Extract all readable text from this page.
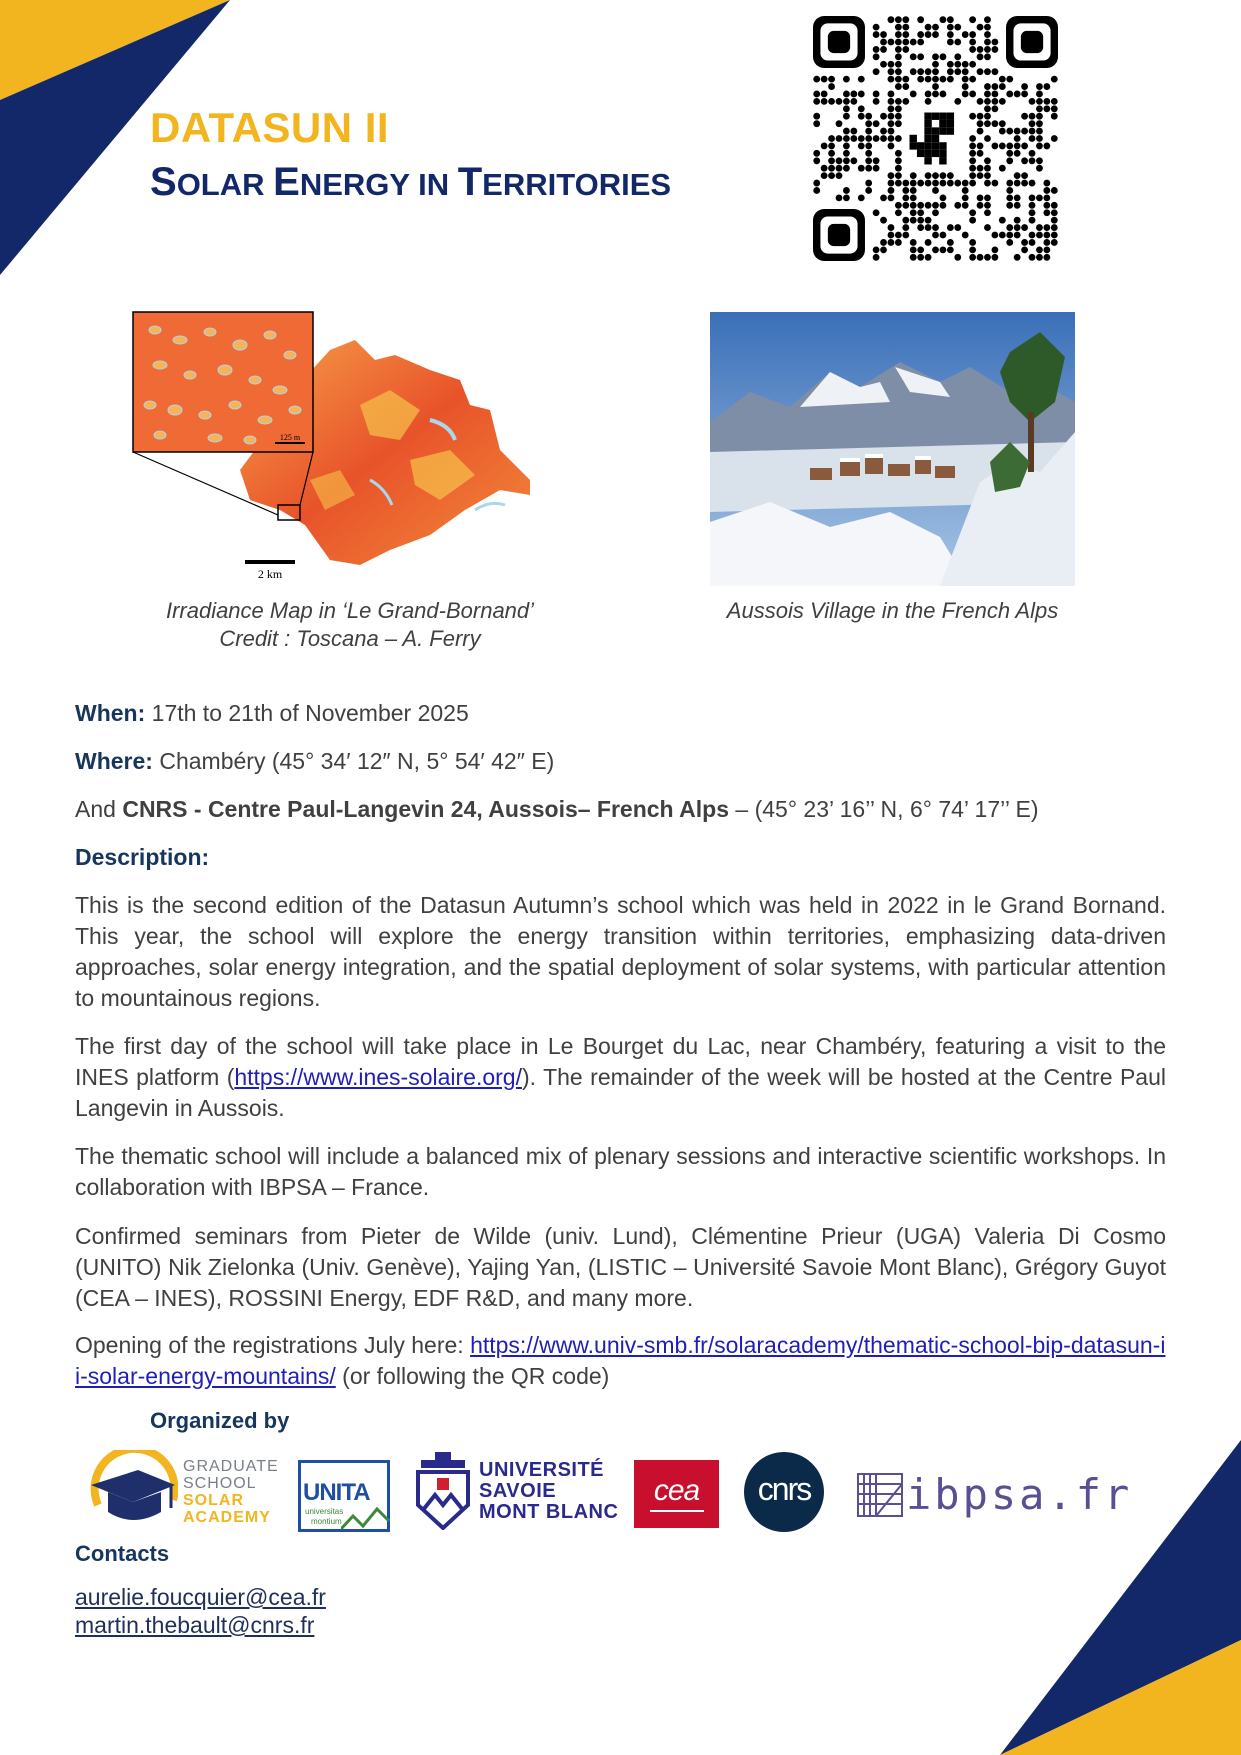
DATASUN II
SOLAR ENERGY IN TERRITORIES
125 m
2 km
Irradiance Map in ‘Le Grand-Bornand’
Credit : Toscana – A. Ferry
Aussois Village in the French Alps
When: 17th to 21th of November 2025
Where: Chambéry (45° 34′ 12″ N, 5° 54′ 42″ E)
And CNRS - Centre Paul-Langevin 24, Aussois– French Alps – (45° 23’ 16’’ N, 6° 74’ 17’’ E)
Description:
This is the second edition of the Datasun Autumn’s school which was held in 2022 in le Grand Bornand. This year, the school will explore the energy transition within territories, emphasizing data-driven approaches, solar energy integration, and the spatial deployment of solar systems, with particular attention to mountainous regions.
The first day of the school will take place in Le Bourget du Lac, near Chambéry, featuring a visit to the INES platform (https://www.ines-solaire.org/). The remainder of the week will be hosted at the Centre Paul Langevin in Aussois.
The thematic school will include a balanced mix of plenary sessions and interactive scientific workshops. In collaboration with IBPSA – France.
Confirmed seminars from Pieter de Wilde (univ. Lund), Clémentine Prieur (UGA) Valeria Di Cosmo (UNITO) Nik Zielonka (Univ. Genève), Yajing Yan, (LISTIC – Université Savoie Mont Blanc), Grégory Guyot (CEA – INES), ROSSINI Energy, EDF R&D, and many more.
Opening of the registrations July here: https://www.univ-smb.fr/solaracademy/thematic-school-bip-datasun-ii-solar-energy-mountains/ (or following the QR code)
Organized by
GRADUATE
SCHOOL
SOLAR
ACADEMY
UNITA
universitas
montium
UNIVERSITÉ
SAVOIE
MONT BLANC
cea	cnrs	ibpsa.fr
Contacts
aurelie.foucquier@cea.fr
martin.thebault@cnrs.fr
